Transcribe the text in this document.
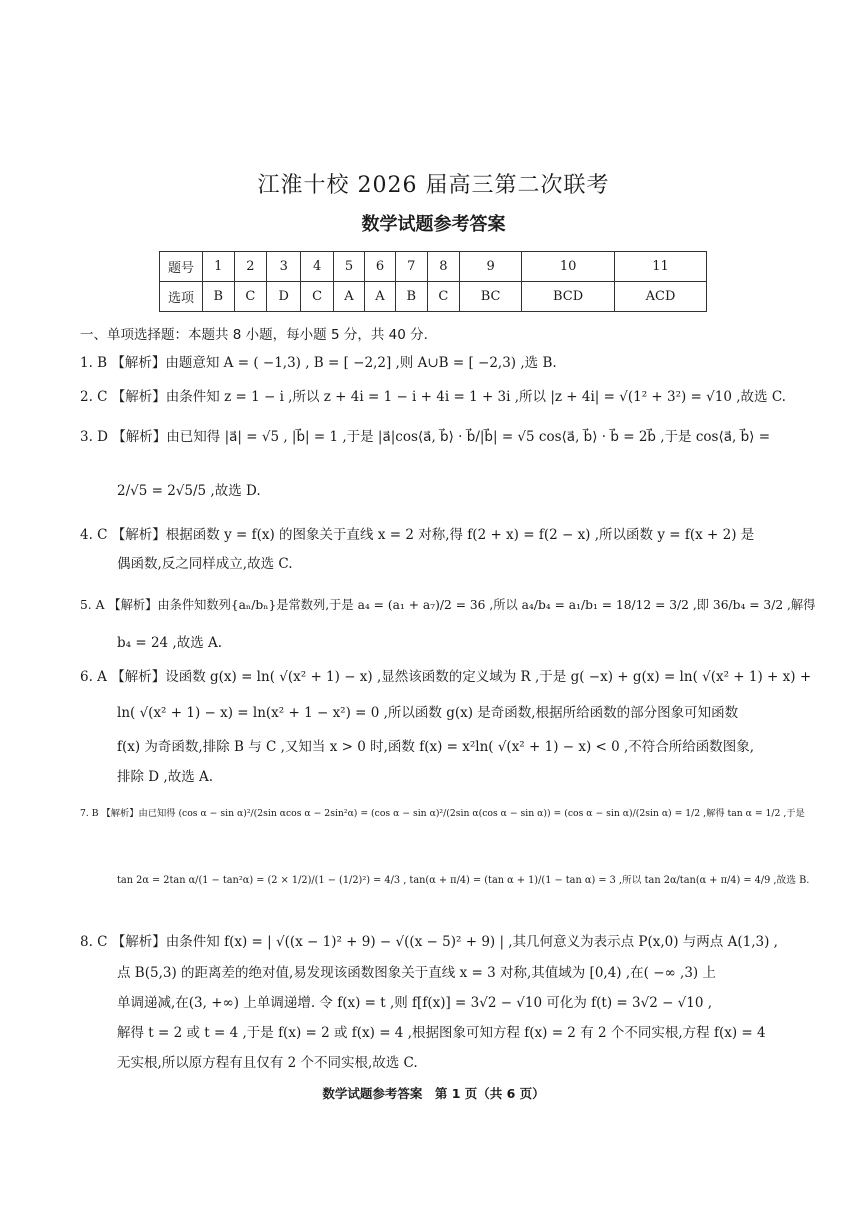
江淮十校 2026 届高三第二次联考
数学试题参考答案
题号	1	2	3	4	5	6	7	8	9	10	11
选项	B	C	D	C	A	A	B	C	BC	BCD	ACD
一、单项选择题：本题共 8 小题，每小题 5 分，共 40 分.
1. B 【解析】由题意知 A = ( −1,3) , B = [ −2,2] ,则 A∪B = [ −2,3) ,选 B.
2. C 【解析】由条件知 z = 1 − i ,所以 z + 4i = 1 − i + 4i = 1 + 3i ,所以 |z + 4i| = √(1² + 3²) = √10 ,故选 C.
3. D 【解析】由已知得 |a⃗| = √5 , |b⃗| = 1 ,于是 |a⃗|cos⟨a⃗, b⃗⟩ · b⃗/|b⃗| = √5 cos⟨a⃗, b⃗⟩ · b⃗ = 2b⃗ ,于是 cos⟨a⃗, b⃗⟩ =
2/√5 = 2√5/5 ,故选 D.
4. C 【解析】根据函数 y = f(x) 的图象关于直线 x = 2 对称,得 f(2 + x) = f(2 − x) ,所以函数 y = f(x + 2) 是
偶函数,反之同样成立,故选 C.
5. A 【解析】由条件知数列{aₙ/bₙ}是常数列,于是 a₄ = (a₁ + a₇)/2 = 36 ,所以 a₄/b₄ = a₁/b₁ = 18/12 = 3/2 ,即 36/b₄ = 3/2 ,解得
b₄ = 24 ,故选 A.
6. A 【解析】设函数 g(x) = ln( √(x² + 1) − x) ,显然该函数的定义域为 R ,于是 g( −x) + g(x) = ln( √(x² + 1) + x) +
ln( √(x² + 1) − x) = ln(x² + 1 − x²) = 0 ,所以函数 g(x) 是奇函数,根据所给函数的部分图象可知函数
f(x) 为奇函数,排除 B 与 C ,又知当 x > 0 时,函数 f(x) = x²ln( √(x² + 1) − x) < 0 ,不符合所给函数图象,
排除 D ,故选 A.
7. B 【解析】由已知得 (cos α − sin α)²/(2sin αcos α − 2sin²α) = (cos α − sin α)²/(2sin α(cos α − sin α)) = (cos α − sin α)/(2sin α) = 1/2 ,解得 tan α = 1/2 ,于是
tan 2α = 2tan α/(1 − tan²α) = (2 × 1/2)/(1 − (1/2)²) = 4/3 , tan(α + π/4) = (tan α + 1)/(1 − tan α) = 3 ,所以 tan 2α/tan(α + π/4) = 4/9 ,故选 B.
8. C 【解析】由条件知 f(x) = | √((x − 1)² + 9) − √((x − 5)² + 9) | ,其几何意义为表示点 P(x,0) 与两点 A(1,3) ,
点 B(5,3) 的距离差的绝对值,易发现该函数图象关于直线 x = 3 对称,其值域为 [0,4) ,在( −∞ ,3) 上
单调递减,在(3, +∞) 上单调递增. 令 f(x) = t ,则 f[f(x)] = 3√2 − √10 可化为 f(t) = 3√2 − √10 ,
解得 t = 2 或 t = 4 ,于是 f(x) = 2 或 f(x) = 4 ,根据图象可知方程 f(x) = 2 有 2 个不同实根,方程 f(x) = 4
无实根,所以原方程有且仅有 2 个不同实根,故选 C.
数学试题参考答案　第 1 页（共 6 页）
